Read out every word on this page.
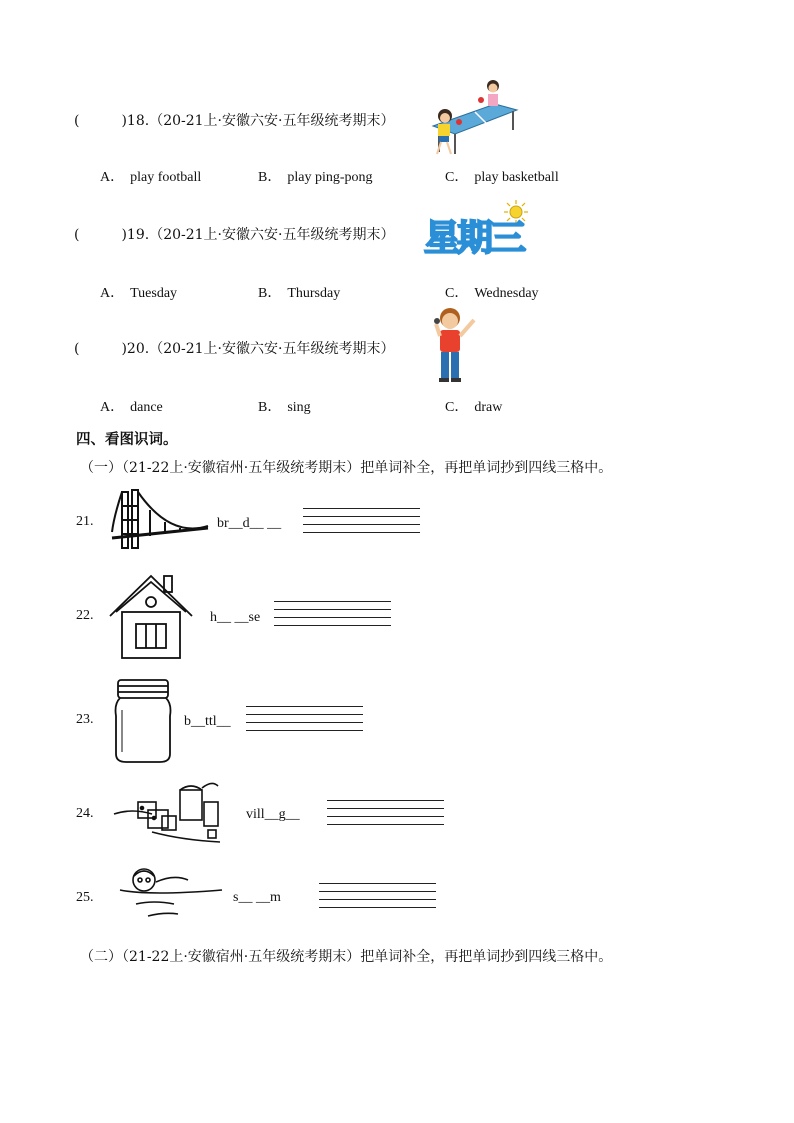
(	)18.（20-21上·安徽六安·五年级统考期末）
A． play football	B． play ping-pong	C． play basketball
(	)19.（20-21上·安徽六安·五年级统考期末） 星期三
A． Tuesday	B． Thursday	C． Wednesday
(	)20.（20-21上·安徽六安·五年级统考期末）
A． dance	B． sing	C． draw
四、看图识词。
（一）（21-22上·安徽宿州·五年级统考期末）把单词补全，再把单词抄到四线三格中。
21.	br__d__ __
22.	h__ __se
23.	b__ttl__
24.	vill__g__
25.	s__ __m
（二）（21-22上·安徽宿州·五年级统考期末）把单词补全，再把单词抄到四线三格中。
